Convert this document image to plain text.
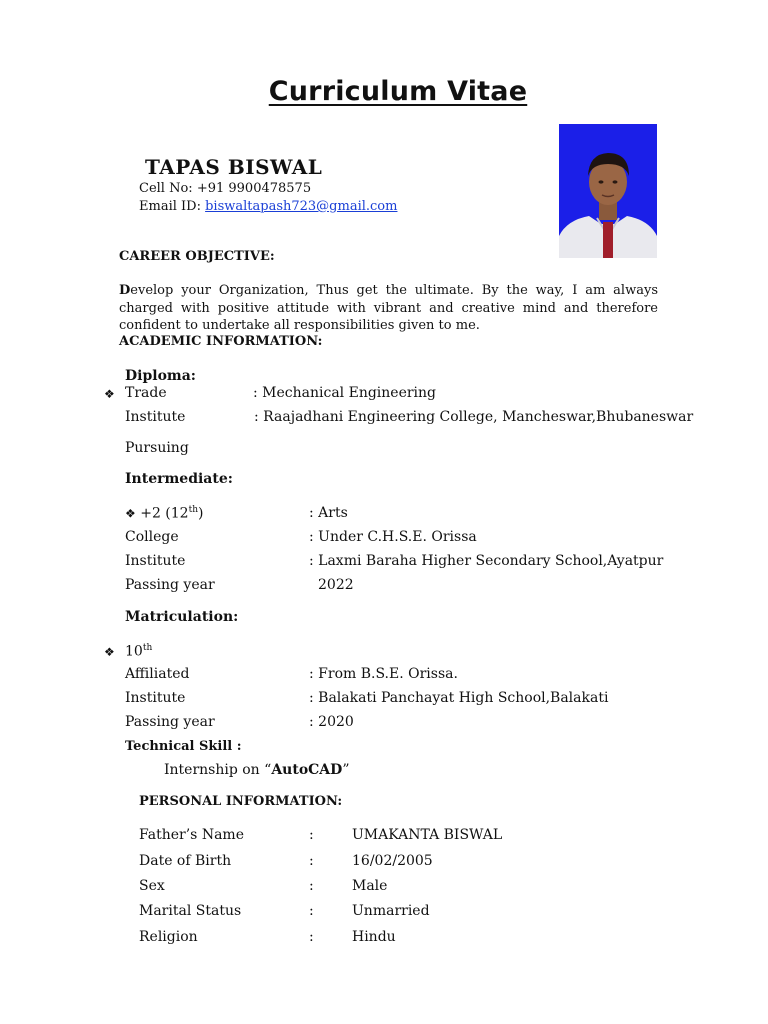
Curriculum Vitae
TAPAS BISWAL
Cell No: +91 9900478575
Email ID: biswaltapash723@gmail.com
CAREER OBJECTIVE:
Develop your Organization, Thus get the ultimate. By the way, I am always charged with positive attitude with vibrant and creative mind and therefore confident to undertake all responsibilities given to me.
ACADEMIC INFORMATION:
Diploma:
❖ Trade	: Mechanical Engineering
Institute	: Raajadhani Engineering College, Mancheswar,Bhubaneswar
Pursuing
Intermediate:
❖ +2 (12th)	: Arts
College	: Under C.H.S.E. Orissa
Institute	: Laxmi Baraha Higher Secondary School,Ayatpur
Passing year	2022
Matriculation:
❖ 10th
Affiliated	: From B.S.E. Orissa.
Institute	: Balakati Panchayat High School,Balakati
Passing year	: 2020
Technical Skill :
Internship on “AutoCAD”
PERSONAL INFORMATION:
Father’s Name	:	UMAKANTA BISWAL
Date of Birth	:	16/02/2005
Sex	:	Male
Marital Status	:	Unmarried
Religion	:	Hindu
